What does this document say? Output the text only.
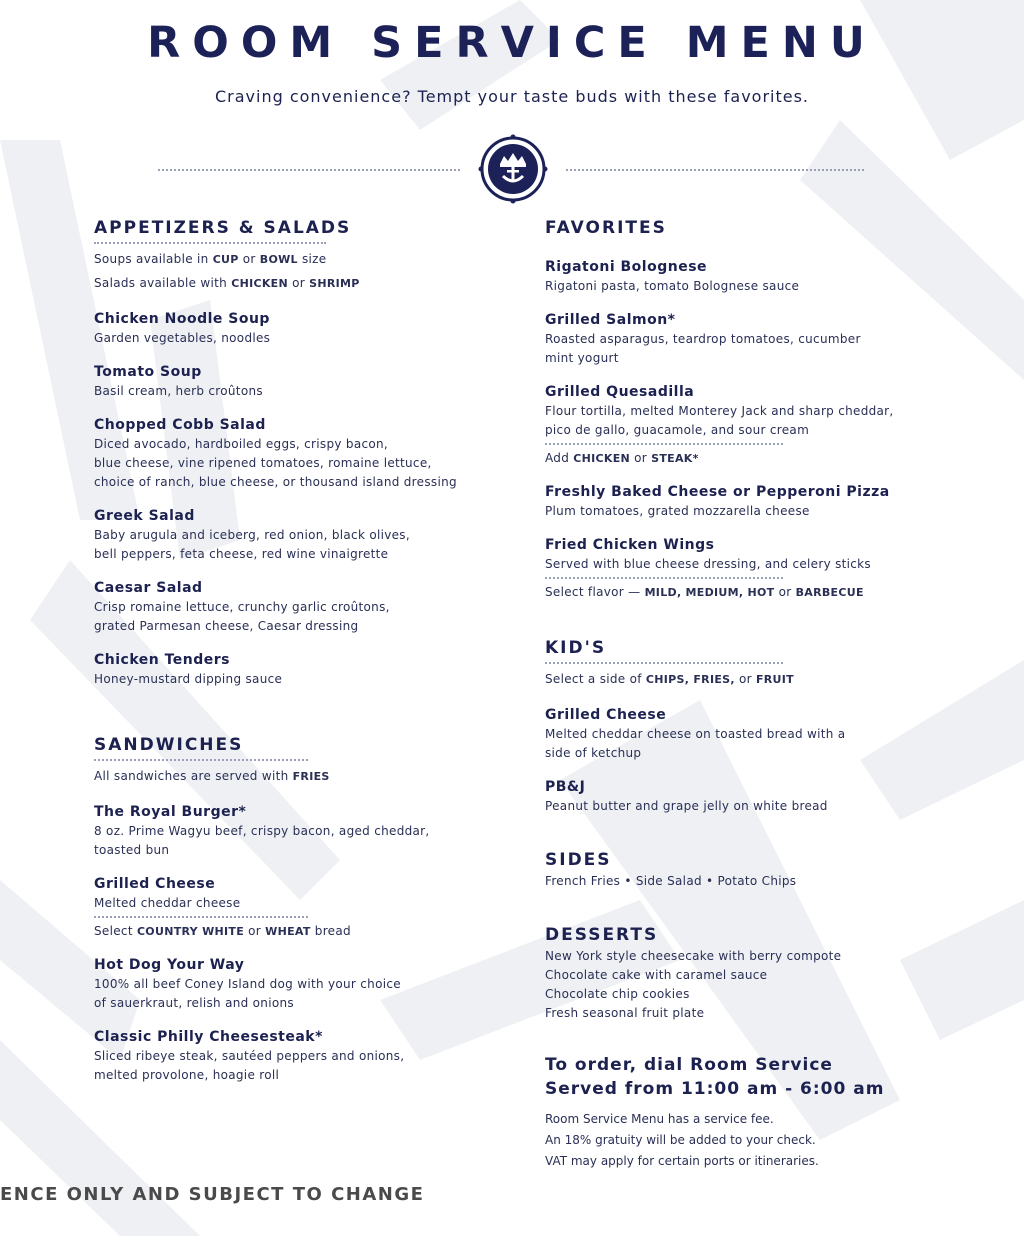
ROOM SERVICE MENU
Craving convenience? Tempt your taste buds with these favorites.
APPETIZERS & SALADS
Soups available in CUP or BOWL size
Salads available with CHICKEN or SHRIMP
Chicken Noodle Soup
Garden vegetables, noodles
Tomato Soup
Basil cream, herb croûtons
Chopped Cobb Salad
Diced avocado, hardboiled eggs, crispy bacon,
blue cheese, vine ripened tomatoes, romaine lettuce,
choice of ranch, blue cheese, or thousand island dressing
Greek Salad
Baby arugula and iceberg, red onion, black olives,
bell peppers, feta cheese, red wine vinaigrette
Caesar Salad
Crisp romaine lettuce, crunchy garlic croûtons,
grated Parmesan cheese, Caesar dressing
Chicken Tenders
Honey-mustard dipping sauce
SANDWICHES
All sandwiches are served with FRIES
The Royal Burger*
8 oz. Prime Wagyu beef, crispy bacon, aged cheddar,
toasted bun
Grilled Cheese
Melted cheddar cheese
Select COUNTRY WHITE or WHEAT bread
Hot Dog Your Way
100% all beef Coney Island dog with your choice
of sauerkraut, relish and onions
Classic Philly Cheesesteak*
Sliced ribeye steak, sautéed peppers and onions,
melted provolone, hoagie roll
FAVORITES
Rigatoni Bolognese
Rigatoni pasta, tomato Bolognese sauce
Grilled Salmon*
Roasted asparagus, teardrop tomatoes, cucumber
mint yogurt
Grilled Quesadilla
Flour tortilla, melted Monterey Jack and sharp cheddar,
pico de gallo, guacamole, and sour cream
Add CHICKEN or STEAK*
Freshly Baked Cheese or Pepperoni Pizza
Plum tomatoes, grated mozzarella cheese
Fried Chicken Wings
Served with blue cheese dressing, and celery sticks
Select flavor — MILD, MEDIUM, HOT or BARBECUE
KID'S
Select a side of CHIPS, FRIES, or FRUIT
Grilled Cheese
Melted cheddar cheese on toasted bread with a
side of ketchup
PB&J
Peanut butter and grape jelly on white bread
SIDES
French Fries • Side Salad • Potato Chips
DESSERTS
New York style cheesecake with berry compote
Chocolate cake with caramel sauce
Chocolate chip cookies
Fresh seasonal fruit plate
To order, dial Room Service
Served from 11:00 am - 6:00 am
Room Service Menu has a service fee.
An 18% gratuity will be added to your check.
VAT may apply for certain ports or itineraries.
ENCE ONLY AND SUBJECT TO CHANGE
